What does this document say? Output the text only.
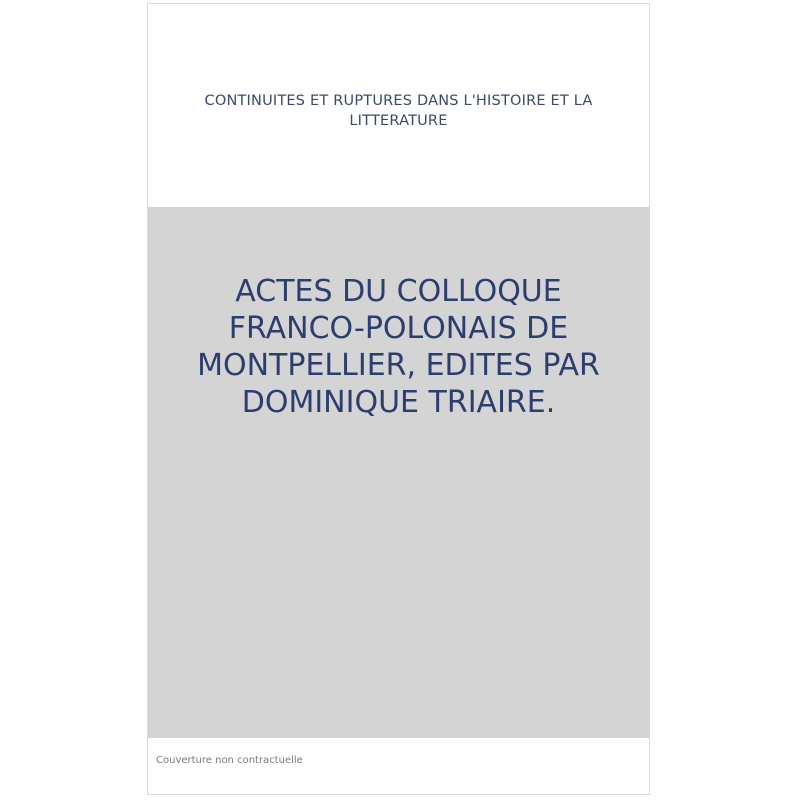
CONTINUITES ET RUPTURES DANS L'HISTOIRE ET LA LITTERATURE
ACTES DU COLLOQUE FRANCO-POLONAIS DE MONTPELLIER, EDITES PAR DOMINIQUE TRIAIRE.
Couverture non contractuelle
